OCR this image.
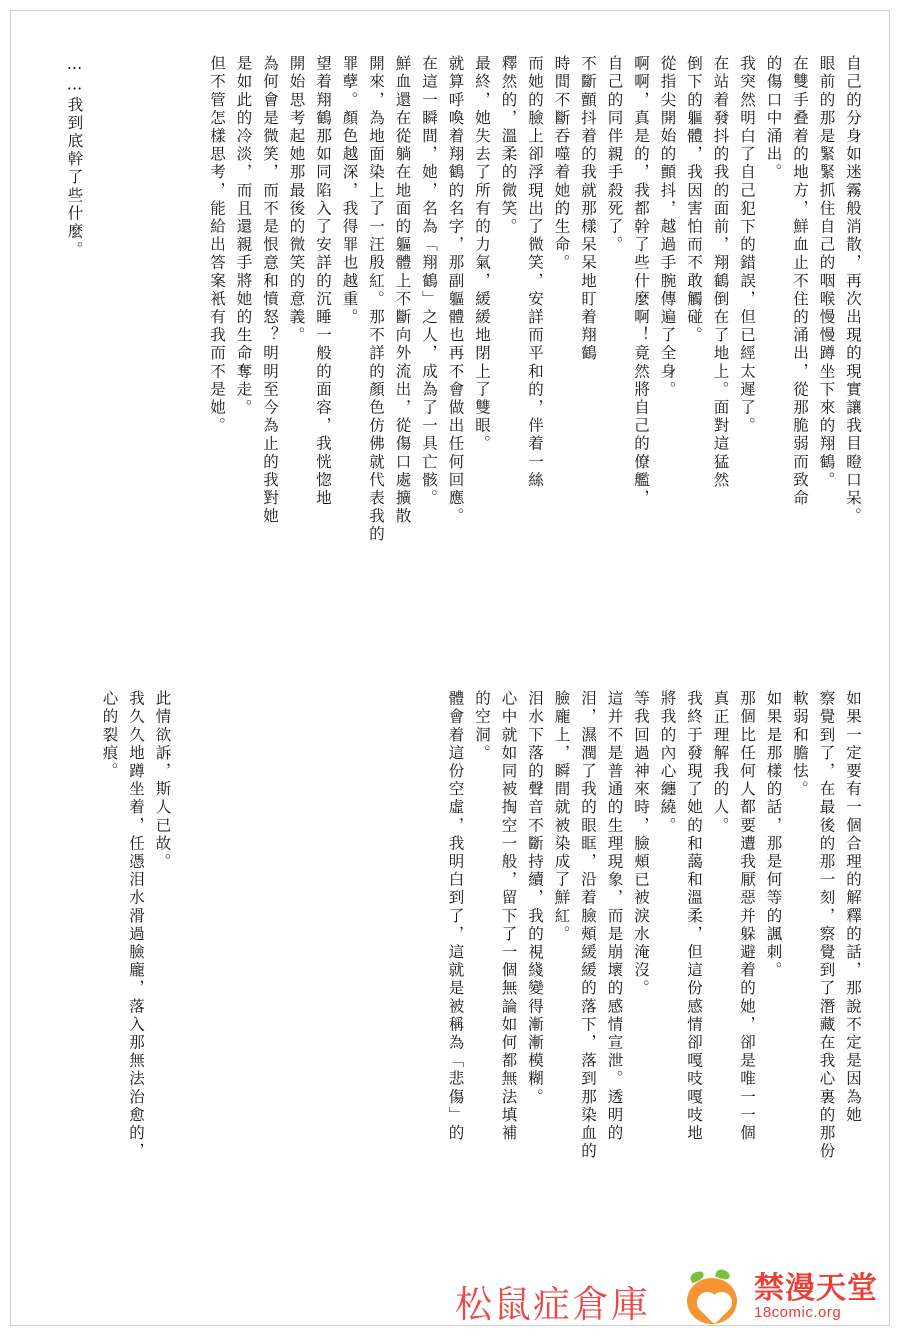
自己的分身如迷霧般消散，再次出現的現實讓我目瞪口呆。
眼前的那是緊緊抓住自己的咽喉慢慢蹲坐下來的翔鶴。
在雙手叠着的地方，鮮血止不住的涌出，從那脆弱而致命
的傷口中涌出。
我突然明白了自己犯下的錯誤，但已經太遲了。
在站着發抖的我的面前，翔鶴倒在了地上。面對這猛然
倒下的軀體，我因害怕而不敢觸碰。
從指尖開始的顫抖，越過手腕傳遍了全身。
啊啊，真是的，我都幹了些什麼啊！竟然將自己的僚艦，
自己的同伴親手殺死了。
不斷顫抖着的我就那樣呆呆地盯着翔鶴
時間不斷吞噬着她的生命。
而她的臉上卻浮現出了微笑，安詳而平和的，伴着一絲
釋然的，溫柔的微笑。
最終，她失去了所有的力氣，緩緩地閉上了雙眼。
就算呼喚着翔鶴的名字，那副軀體也再不會做出任何回應。
在這一瞬間，她，名為「翔鶴」之人，成為了一具亡骸。
鮮血還在從躺在地面的軀體上不斷向外流出，從傷口處擴散
開來，為地面染上了一汪殷紅。那不詳的顏色仿佛就代表我的
罪孽。顏色越深，我得罪也越重。
望着翔鶴那如同陷入了安詳的沉睡一般的面容，我恍惚地
開始思考起她那最後的微笑的意義。
為何會是微笑，而不是恨意和憤怒？明明至今為止的我對她
是如此的冷淡，而且還親手將她的生命奪走。
但不管怎樣思考，能給出答案衹有我而不是她。
……我到底幹了些什麼。
如果一定要有一個合理的解釋的話，那說不定是因為她
察覺到了，在最後的那一刻，察覺到了潛藏在我心裏的那份
軟弱和膽怯。
如果是那樣的話，那是何等的諷刺。
那個比任何人都要遭我厭惡并躲避着的她，卻是唯一一個
真正理解我的人。
我終于發現了她的和藹和溫柔，但這份感情卻嘎吱嘎吱地
將我的內心纏繞。
等我回過神來時，臉頰已被淚水淹沒。
這并不是普通的生理現象，而是崩壞的感情宣泄。透明的
泪，濕潤了我的眼眶，沿着臉頰緩緩的落下，落到那染血的
臉龐上，瞬間就被染成了鮮紅。
泪水下落的聲音不斷持續，我的視綫變得漸漸模糊。
心中就如同被掏空一般，留下了一個無論如何都無法填補
的空洞。
體會着這份空虛，我明白到了，這就是被稱為「悲傷」的
此情欲訴，斯人已故。
我久久地蹲坐着，任憑泪水滑過臉龐，落入那無法治愈的，
心的裂痕。
松鼠症倉庫	禁漫天堂
18comic.org
